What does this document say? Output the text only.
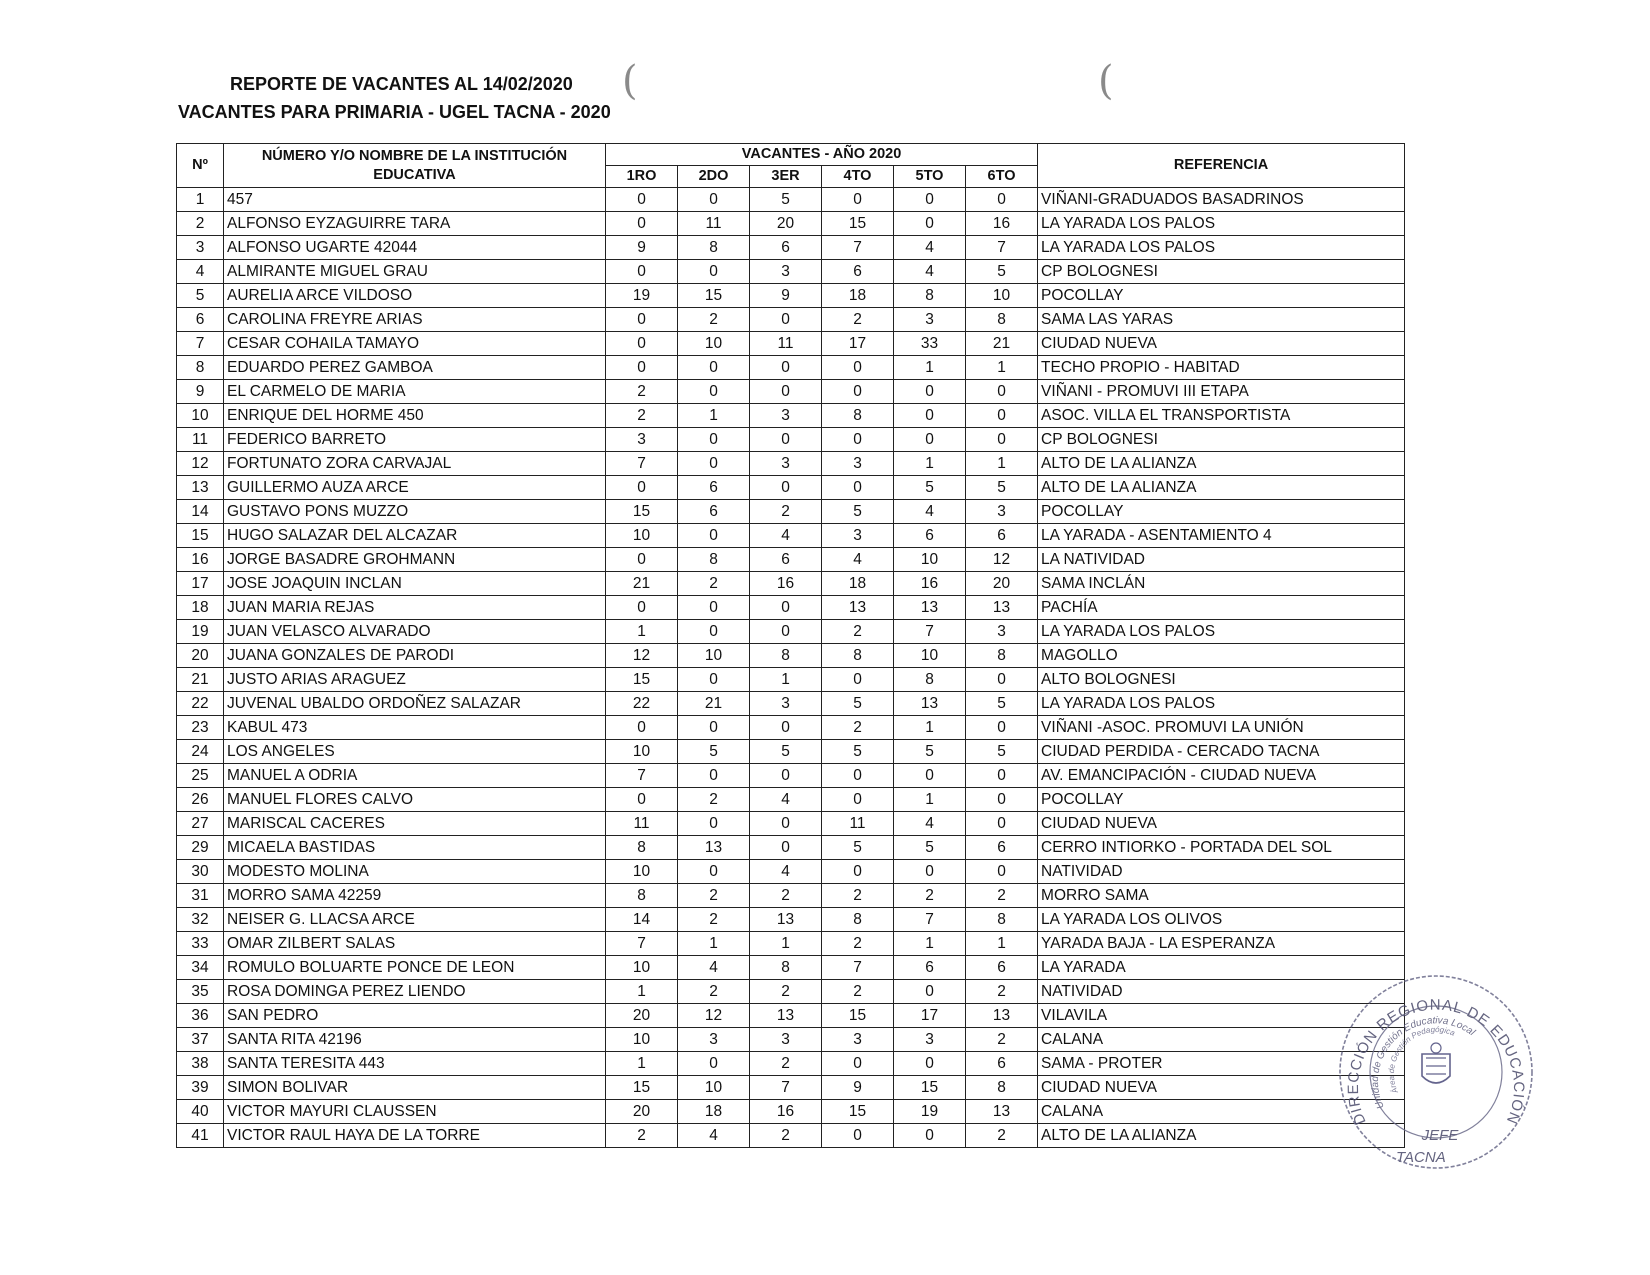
REPORTE DE VACANTES AL 14/02/2020
VACANTES PARA PRIMARIA - UGEL TACNA - 2020
(	(
Nº	NÚMERO Y/O NOMBRE DE LA INSTITUCIÓN
EDUCATIVA	VACANTES - AÑO 2020						REFERENCIA
		1RO	2DO	3ER	4TO	5TO	6TO	
1	457	0	0	5	0	0	0	VIÑANI-GRADUADOS BASADRINOS
2	ALFONSO EYZAGUIRRE TARA	0	11	20	15	0	16	LA YARADA LOS PALOS
3	ALFONSO UGARTE 42044	9	8	6	7	4	7	LA YARADA LOS PALOS
4	ALMIRANTE MIGUEL GRAU	0	0	3	6	4	5	CP BOLOGNESI
5	AURELIA ARCE VILDOSO	19	15	9	18	8	10	POCOLLAY
6	CAROLINA FREYRE ARIAS	0	2	0	2	3	8	SAMA LAS YARAS
7	CESAR COHAILA TAMAYO	0	10	11	17	33	21	CIUDAD NUEVA
8	EDUARDO PEREZ GAMBOA	0	0	0	0	1	1	TECHO PROPIO - HABITAD
9	EL CARMELO DE MARIA	2	0	0	0	0	0	VIÑANI - PROMUVI III ETAPA
10	ENRIQUE DEL HORME 450	2	1	3	8	0	0	ASOC. VILLA EL TRANSPORTISTA
11	FEDERICO BARRETO	3	0	0	0	0	0	CP BOLOGNESI
12	FORTUNATO ZORA CARVAJAL	7	0	3	3	1	1	ALTO DE LA ALIANZA
13	GUILLERMO AUZA ARCE	0	6	0	0	5	5	ALTO DE LA ALIANZA
14	GUSTAVO PONS MUZZO	15	6	2	5	4	3	POCOLLAY
15	HUGO SALAZAR DEL ALCAZAR	10	0	4	3	6	6	LA YARADA - ASENTAMIENTO 4
16	JORGE BASADRE GROHMANN	0	8	6	4	10	12	LA NATIVIDAD
17	JOSE JOAQUIN INCLAN	21	2	16	18	16	20	SAMA INCLÁN
18	JUAN MARIA REJAS	0	0	0	13	13	13	PACHÍA
19	JUAN VELASCO ALVARADO	1	0	0	2	7	3	LA YARADA LOS PALOS
20	JUANA GONZALES DE PARODI	12	10	8	8	10	8	MAGOLLO
21	JUSTO ARIAS ARAGUEZ	15	0	1	0	8	0	ALTO BOLOGNESI
22	JUVENAL UBALDO ORDOÑEZ SALAZAR	22	21	3	5	13	5	LA YARADA LOS PALOS
23	KABUL 473	0	0	0	2	1	0	VIÑANI -ASOC. PROMUVI LA UNIÓN
24	LOS ANGELES	10	5	5	5	5	5	CIUDAD PERDIDA - CERCADO TACNA
25	MANUEL A ODRIA	7	0	0	0	0	0	AV. EMANCIPACIÓN - CIUDAD NUEVA
26	MANUEL FLORES CALVO	0	2	4	0	1	0	POCOLLAY
27	MARISCAL CACERES	11	0	0	11	4	0	CIUDAD NUEVA
29	MICAELA BASTIDAS	8	13	0	5	5	6	CERRO INTIORKO - PORTADA DEL SOL
30	MODESTO MOLINA	10	0	4	0	0	0	NATIVIDAD
31	MORRO SAMA 42259	8	2	2	2	2	2	MORRO SAMA
32	NEISER G. LLACSA ARCE	14	2	13	8	7	8	LA YARADA LOS OLIVOS
33	OMAR ZILBERT SALAS	7	1	1	2	1	1	YARADA BAJA - LA ESPERANZA
34	ROMULO BOLUARTE PONCE DE LEON	10	4	8	7	6	6	LA YARADA
35	ROSA DOMINGA PEREZ LIENDO	1	2	2	2	0	2	NATIVIDAD
36	SAN PEDRO	20	12	13	15	17	13	VILAVILA
37	SANTA RITA 42196	10	3	3	3	3	2	CALANA
38	SANTA TERESITA 443	1	0	2	0	0	6	SAMA - PROTER
39	SIMON BOLIVAR	15	10	7	9	15	8	CIUDAD NUEVA
40	VICTOR MAYURI CLAUSSEN	20	18	16	15	19	13	CALANA
41	VICTOR RAUL HAYA DE LA TORRE	2	4	2	0	0	2	ALTO DE LA ALIANZA
DIRECCIÓN REGIONAL DE EDUCACIÓN
Unidad de Gestión Educativa Local
Área de Gestión Pedagógica
JEFE
TACNA
